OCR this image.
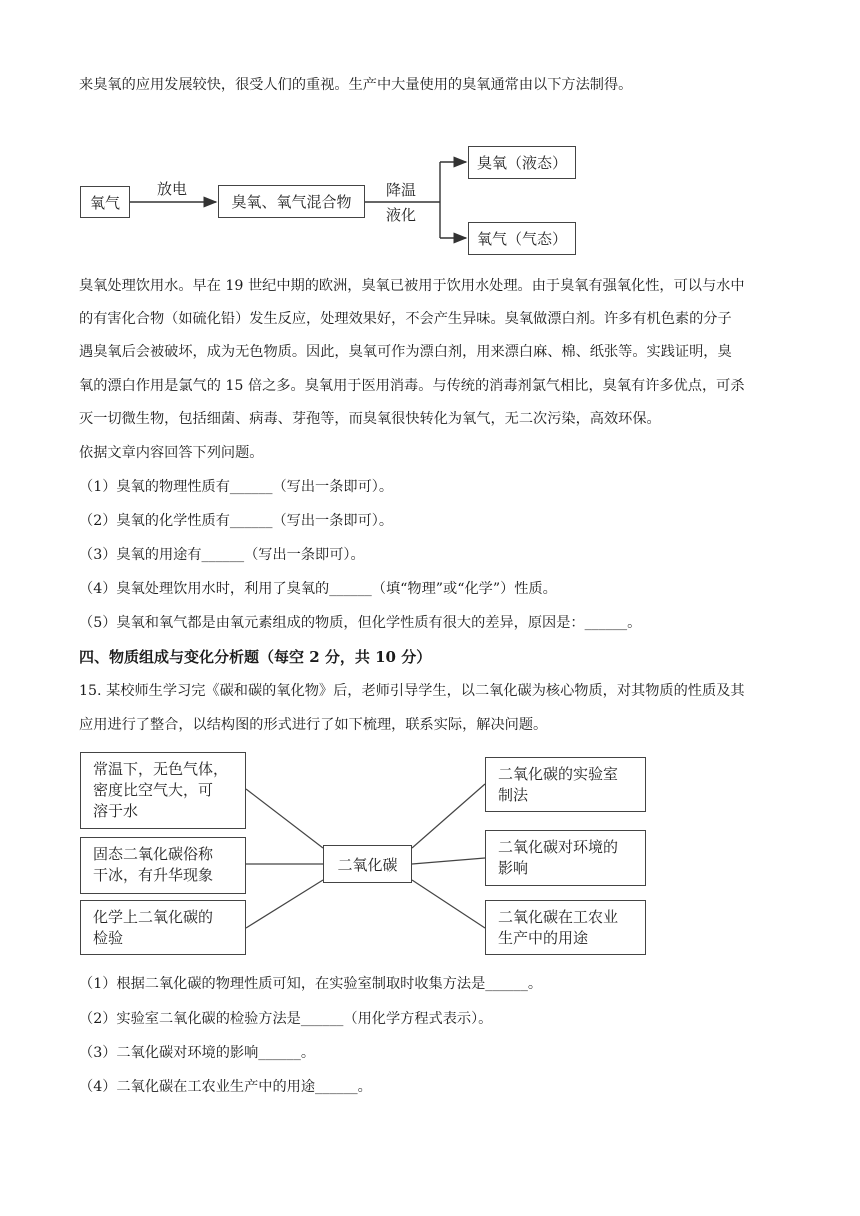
来臭氧的应用发展较快，很受人们的重视。生产中大量使用的臭氧通常由以下方法制得。
氧气
放电
臭氧、氧气混合物
降温
液化
臭氧（液态）
氧气（气态）
臭氧处理饮用水。早在 19 世纪中期的欧洲，臭氧已被用于饮用水处理。由于臭氧有强氧化性，可以与水中
的有害化合物（如硫化铅）发生反应，处理效果好，不会产生异味。臭氧做漂白剂。许多有机色素的分子
遇臭氧后会被破坏，成为无色物质。因此，臭氧可作为漂白剂，用来漂白麻、棉、纸张等。实践证明，臭
氧的漂白作用是氯气的 15 倍之多。臭氧用于医用消毒。与传统的消毒剂氯气相比，臭氧有许多优点，可杀
灭一切微生物，包括细菌、病毒、芽孢等，而臭氧很快转化为氧气，无二次污染，高效环保。
依据文章内容回答下列问题。
（1）臭氧的物理性质有______（写出一条即可）。
（2）臭氧的化学性质有______（写出一条即可）。
（3）臭氧的用途有______（写出一条即可）。
（4）臭氧处理饮用水时，利用了臭氧的______（填“物理”或“化学”）性质。
（5）臭氧和氧气都是由氧元素组成的物质，但化学性质有很大的差异，原因是：______。
四、物质组成与变化分析题（每空 2 分，共 10 分）
15. 某校师生学习完《碳和碳的氧化物》后，老师引导学生，以二氧化碳为核心物质，对其物质的性质及其
应用进行了整合，以结构图的形式进行了如下梳理，联系实际，解决问题。
常温下，无色气体，
密度比空气大，可
溶于水
固态二氧化碳俗称
干冰，有升华现象
化学上二氧化碳的
检验
二氧化碳
二氧化碳的实验室
制法
二氧化碳对环境的
影响
二氧化碳在工农业
生产中的用途
（1）根据二氧化碳的物理性质可知，在实验室制取时收集方法是______。
（2）实验室二氧化碳的检验方法是______（用化学方程式表示）。
（3）二氧化碳对环境的影响______。
（4）二氧化碳在工农业生产中的用途______。
